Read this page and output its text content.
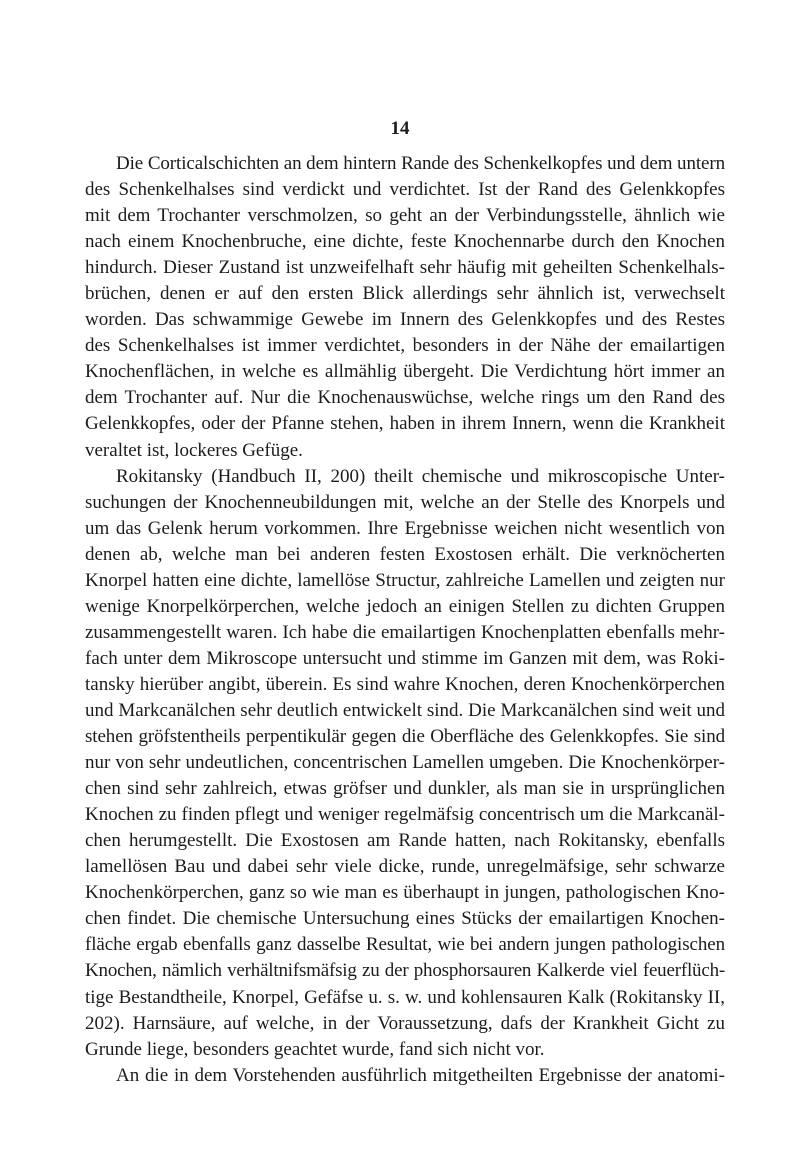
14
Die Corticalschichten an dem hintern Rande des Schenkelkopfes und dem untern
des Schenkelhalses sind verdickt und verdichtet. Ist der Rand des Gelenkkopfes
mit dem Trochanter verschmolzen, so geht an der Verbindungsstelle, ähnlich wie
nach einem Knochenbruche, eine dichte, feste Knochennarbe durch den Knochen
hindurch. Dieser Zustand ist unzweifelhaft sehr häufig mit geheilten Schenkelhals-
brüchen, denen er auf den ersten Blick allerdings sehr ähnlich ist, verwechselt
worden. Das schwammige Gewebe im Innern des Gelenkkopfes und des Restes
des Schenkelhalses ist immer verdichtet, besonders in der Nähe der emailartigen
Knochenflächen, in welche es allmählig übergeht. Die Verdichtung hört immer an
dem Trochanter auf. Nur die Knochenauswüchse, welche rings um den Rand des
Gelenkkopfes, oder der Pfanne stehen, haben in ihrem Innern, wenn die Krankheit
veraltet ist, lockeres Gefüge.
Rokitansky (Handbuch II, 200) theilt chemische und mikroscopische Unter-
suchungen der Knochenneubildungen mit, welche an der Stelle des Knorpels und
um das Gelenk herum vorkommen. Ihre Ergebnisse weichen nicht wesentlich von
denen ab, welche man bei anderen festen Exostosen erhält. Die verknöcherten
Knorpel hatten eine dichte, lamellöse Structur, zahlreiche Lamellen und zeigten nur
wenige Knorpelkörperchen, welche jedoch an einigen Stellen zu dichten Gruppen
zusammengestellt waren. Ich habe die emailartigen Knochenplatten ebenfalls mehr-
fach unter dem Mikroscope untersucht und stimme im Ganzen mit dem, was Roki-
tansky hierüber angibt, überein. Es sind wahre Knochen, deren Knochenkörperchen
und Markcanälchen sehr deutlich entwickelt sind. Die Markcanälchen sind weit und
stehen gröfstentheils perpentikulär gegen die Oberfläche des Gelenkkopfes. Sie sind
nur von sehr undeutlichen, concentrischen Lamellen umgeben. Die Knochenkörper-
chen sind sehr zahlreich, etwas gröfser und dunkler, als man sie in ursprünglichen
Knochen zu finden pflegt und weniger regelmäfsig concentrisch um die Markcanäl-
chen herumgestellt. Die Exostosen am Rande hatten, nach Rokitansky, ebenfalls
lamellösen Bau und dabei sehr viele dicke, runde, unregelmäfsige, sehr schwarze
Knochenkörperchen, ganz so wie man es überhaupt in jungen, pathologischen Kno-
chen findet. Die chemische Untersuchung eines Stücks der emailartigen Knochen-
fläche ergab ebenfalls ganz dasselbe Resultat, wie bei andern jungen pathologischen
Knochen, nämlich verhältnifsmäfsig zu der phosphorsauren Kalkerde viel feuerflüch-
tige Bestandtheile, Knorpel, Gefäfse u. s. w. und kohlensauren Kalk (Rokitansky II,
202). Harnsäure, auf welche, in der Voraussetzung, dafs der Krankheit Gicht zu
Grunde liege, besonders geachtet wurde, fand sich nicht vor.
An die in dem Vorstehenden ausführlich mitgetheilten Ergebnisse der anatomi-
